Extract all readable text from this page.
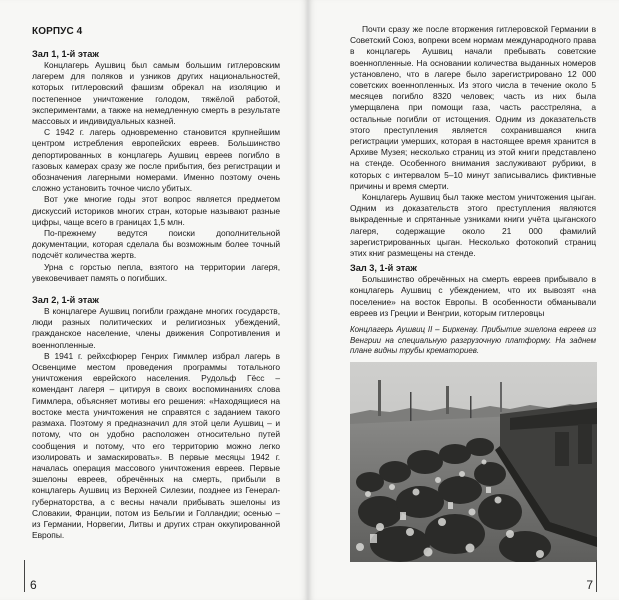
КОРПУС 4
Зал 1, 1-й этаж

Концлагерь Аушвиц был самым большим гитлеровским лагерем для поляков и узников других национальностей, которых гитлеровский фашизм обрекал на изоляцию и постепенное уничтожение голодом, тяжёлой работой, экспериментами, а также на немедленную смерть в результате массовых и индивидуальных казней.

С 1942 г. лагерь одновременно становится крупнейшим центром истребления европейских евреев. Большинство депортированных в концлагерь Аушвиц евреев погибло в газовых камерах сразу же после прибытия, без регистрации и обозначения лагерными номерами. Именно поэтому очень сложно установить точное число убитых.

Вот уже многие годы этот вопрос является предметом дискуссий историков многих стран, которые называют разные цифры, чаще всего в границах 1,5 млн.

По-прежнему ведутся поиски дополнительной документации, которая сделала бы возможным более точный подсчёт количества жертв.

Урна с горстью пепла, взятого на территории лагеря, увековечивает память о погибших.

Зал 2, 1-й этаж

В концлагере Аушвиц погибли граждане многих государств, люди разных политических и религиозных убеждений, гражданское население, члены движения Сопротивления и военнопленные.

В 1941 г. рейхсфюрер Генрих Гиммлер избрал лагерь в Освенциме местом проведения программы тотального уничтожения еврейского населения. Рудольф Гёсс – комендант лагеря – цитируя в своих воспоминаниях слова Гиммлера, объясняет мотивы его решения: «Находящиеся на востоке места уничтожения не справятся с заданием такого размаха. Поэтому я предназначил для этой цели Аушвиц – и потому, что он удобно расположен относительно путей сообщения и потому, что его территорию можно легко изолировать и замаскировать». В первые месяцы 1942 г. началась операция массового уничтожения евреев. Первые эшелоны евреев, обречённых на смерть, прибыли в концлагерь Аушвиц из Верхней Силезии, позднее из Генерал-губернаторства, а с весны начали прибывать эшелоны из Словакии, Франции, потом из Бельгии и Голландии; осенью – из Германии, Норвегии, Литвы и других стран оккупированной Европы.

6

Почти сразу же после вторжения гитлеровской Германии в Советский Союз, вопреки всем нормам международного права в концлагерь Аушвиц начали пребывать советские военнопленные. На основании количества выданных номеров установлено, что в лагере было зарегистрировано 12 000 советских военнопленных. Из этого числа в течение около 5 месяцев погибло 8320 человек; часть из них была умерщвлена при помощи газа, часть расстреляна, а остальные погибли от истощения. Одним из доказательств этого преступления является сохранившаяся книга регистрации умерших, которая в настоящее время хранится в Архиве Музея; несколько страниц из этой книги представлено на стенде. Особенного внимания заслуживают рубрики, в которых с интервалом 5–10 минут записывались фиктивные причины и время смерти.

Концлагерь Аушвиц был также местом уничтожения цыган. Одним из доказательств этого преступления являются выкраденные и спрятанные узниками книги учёта цыганского лагеря, содержащие около 21 000 фамилий зарегистрированных цыган. Несколько фотокопий страниц этих книг размещены на стенде.

Зал 3, 1-й этаж

Большинство обречённых на смерть евреев прибывало в концлагерь Аушвиц с убеждением, что их вывозят «на поселение» на восток Европы. В особенности обманывали евреев из Греции и Венгрии, которым гитлеровцы

Концлагерь Аушвиц II – Биркенау. Прибытие эшелона евреев из Венгрии на специальную разгрузочную платформу. На заднем плане видны трубы крематориев.
7
